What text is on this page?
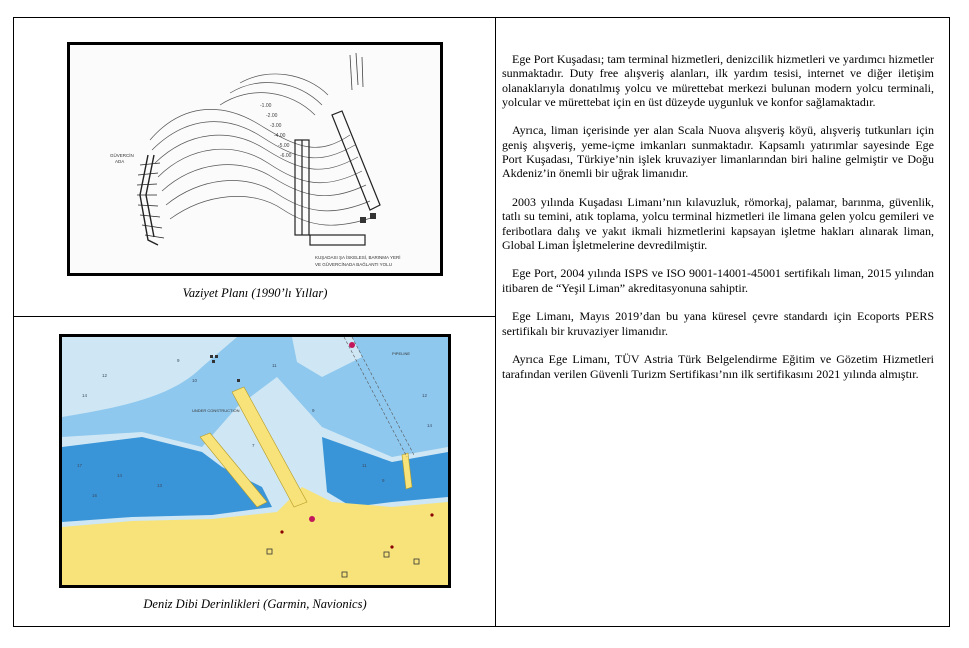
-1.00
-2.00
-3.00
-4.00
-5.00
-6.00
GÜVERCİN
ADA
KUŞADASI ŞA İSKELESİ, BARINMA YERİ
VE GÜVERCİNADA BAĞLANTI YOLU
Vaziyet Planı (1990’lı Yıllar)
14
12
9
10
11
17
14
13
16
11
9
12
14
9
7
UNDER CONSTRUCTION
PIPELINE
Deniz Dibi Derinlikleri (Garmin, Navionics)

Ege Port Kuşadası; tam terminal hizmetleri, denizcilik hizmetleri ve yardımcı hizmetler sunmaktadır. Duty free alışveriş alanları, ilk yardım tesisi, internet ve diğer iletişim olanaklarıyla donatılmış yolcu ve mürettebat merkezi bulunan modern yolcu terminali, yolcular ve mürettebat için en üst düzeyde uygunluk ve konfor sağlamaktadır.

Ayrıca, liman içerisinde yer alan Scala Nuova alışveriş köyü, alışveriş tutkunları için geniş alışveriş, yeme-içme imkanları sunmaktadır. Kapsamlı yatırımlar sayesinde Ege Port Kuşadası, Türkiye’nin işlek kruvaziyer limanlarından biri haline gelmiştir ve Doğu Akdeniz’in önemli bir uğrak limanıdır.

2003 yılında Kuşadası Limanı’nın kılavuzluk, römorkaj, palamar, barınma, güvenlik, tatlı su temini, atık toplama, yolcu terminal hizmetleri ile limana gelen yolcu gemileri ve feribotlara dalış ve yakıt ikmali hizmetlerini kapsayan işletme hakları alınarak liman, Global Liman İşletmelerine devredilmiştir.

Ege Port, 2004 yılında ISPS ve ISO 9001-14001-45001 sertifikalı liman, 2015 yılından itibaren de “Yeşil Liman” akreditasyonuna sahiptir.

Ege Limanı, Mayıs 2019’dan bu yana küresel çevre standardı için Ecoports PERS sertifikalı bir kruvaziyer limanıdır.

Ayrıca Ege Limanı, TÜV Astria Türk Belgelendirme Eğitim ve Gözetim Hizmetleri tarafından verilen Güvenli Turizm Sertifikası’nın ilk sertifikasını 2021 yılında almıştır.
